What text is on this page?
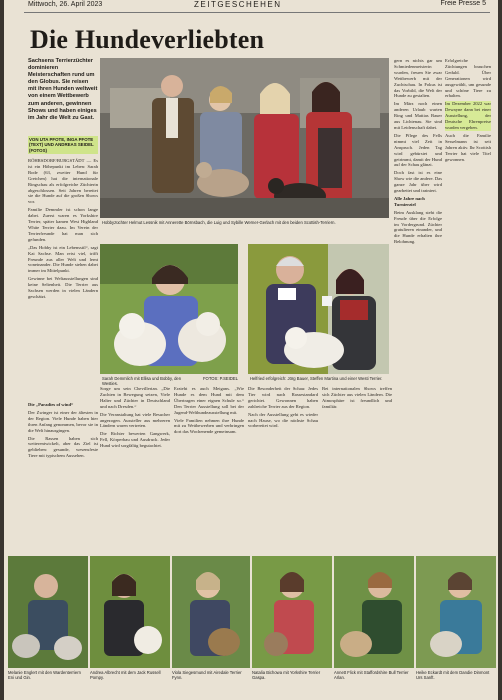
Mittwoch, 26. April 2023	ZEITGESCHEHEN	Freie Presse 5
Die Hundeverliebten
Sachsens Terrierzüchter dominieren Meisterschaften rund um den Globus. Sie reisen mit ihren Hunden weltweit von einem Wettbewerb zum anderen, gewinnen Shows und haben einiges im Jahr die Welt zu Gast.
VON UTA PFOTE, INGA PFOTE (TEXT) UND ANDREAS SEIDEL (FOTOS)

RÖHRSDORF/BURGSTÄDT — Es ist ein Höhepunkt im Leben: Sarah Bode (63, zweiter Hund für Gretchen) hat die internationale Ringschau als erfolgreiche Züchterin abgeschlossen. Seit Jahren bereitet sie die Hunde auf die großen Shows vor.

Familie Demmler ist schon lange dabei. Zuerst waren es Yorkshire Terrier, später kamen West Highland White Terrier dazu. Im Verein der Terrierfreunde hat man sich gefunden.

„Das Hobby ist ein Lebensstil“, sagt Kai Sachse. Man reist viel, trifft Freunde aus aller Welt und lernt voneinander. Die Hunde stehen dabei immer im Mittelpunkt.

Gewinne bei Weltausstellungen sind keine Seltenheit. Die Terrier aus Sachsen werden in vielen Ländern geschätzt.

Die „Paradies of wind“

Der Zwinger ist einer der ältesten in der Region. Viele Hunde haben hier ihren Anfang genommen, bevor sie in die Welt hinausgingen.

Die Rassen haben sich weiterentwickelt, aber das Ziel ist geblieben: gesunde, wesensfeste Tiere mit typischem Aussehen.

Hobbyzüchter Helmut Lessnik mit Annerette Börnsbach, die Luig und Sybille Werner-Gerlach mit den beiden Scottish-Terriern.
Sarah Demmlich mit Ellisa und Bobby, den Westies.
FOTOS: P.SEIDEL	Helfried erfolgreich: Jörg Bauer, Steffen Martina und einer Westi Terrier.

Sorge um sein Chevillerian. „Die Zuchten in Bewegung setzen, Viele Halter und Züchter in Deutschland und nach Dresden.“

Die Veranstaltung hat viele Besucher angezogen. Aussteller aus mehreren Ländern waren vertreten.

Die Richter bewerten Gangwerk, Fell, Körperbau und Ausdruck. Jeder Hund wird sorgfältig begutachtet.

Erzieht es auch Meigans. „Wie Hunde es dem Hund mit dem Übertragen einer eignen Schule so.“ Den Terrier Ausstellung soll bei der Jugend-Welthundeausstellung mit.

Viele Familien nehmen ihre Hunde mit zu Wettbewerben und verbringen dort das Wochenende gemeinsam.

Die Besonderheit der Schau: Jedes Tier wird nach Rassestandard gerichtet. Gewonnen haben zahlreiche Terrier aus der Region.

Nach der Ausstellung geht es wieder nach Hause, wo die nächste Schau vorbereitet wird.

Bei internationalen Shows treffen sich Züchter aus vielen Ländern. Die Atmosphäre ist freundlich und familiär.

gern es nichts gar um Schmiedenmeisterin wurden, freuen Sie zwar Wettbewerb mit der Zuchtschau. In Fokus ist das Vorbild, die Welt der Hunde zu gestalten.

Im März noch einen anderen Urlaub warten Ring und Mattias Bauer aus Lichtenau. Sie sind mit Leidenschaft dabei.

Die Pflege des Fells nimmt viel Zeit in Anspruch. Jeden Tag wird gebürstet und getrimmt, damit der Hund auf der Schau glänzt.

Doch fast ist es eine Show wie die andere. Das ganze Jahr über wird gearbeitet und trainiert.

Alle Jahre nach Turnierziel

Beim Ausklang steht die Freude über die Erfolge im Vordergrund. Züchter gratulieren einander, und die Hunde erhalten ihre Belohnung.

Erfolgreiche Züchtungen brauchen Geduld. Über Generationen wird ausgewählt, um gesunde und schöne Tiere zu erhalten.

Im Dezember 2022 war Dewayne dann bei einer Ausstellung, der Deutsche Ehrenpreise wurden vergeben.

Auch die Familie Sesselmann ist seit Jahren aktiv. Ihr Scottish Terrier hat viele Titel gewonnen.

Melanie Englert mit den Wardenterriern Eni und Gin.
Andrea Albrecht mit dem Jack Russell Pompy.
Viola Siegesmund mit Airedale Terrier Fynn.
Natalia Bichowa mit Yorkshire Terrier Gaspa.
Annett Flick mit Staffordshire Bull Terrier Arlan.
Heike Eckardt mit dem Dandie Dinmont Urs Sanft.
